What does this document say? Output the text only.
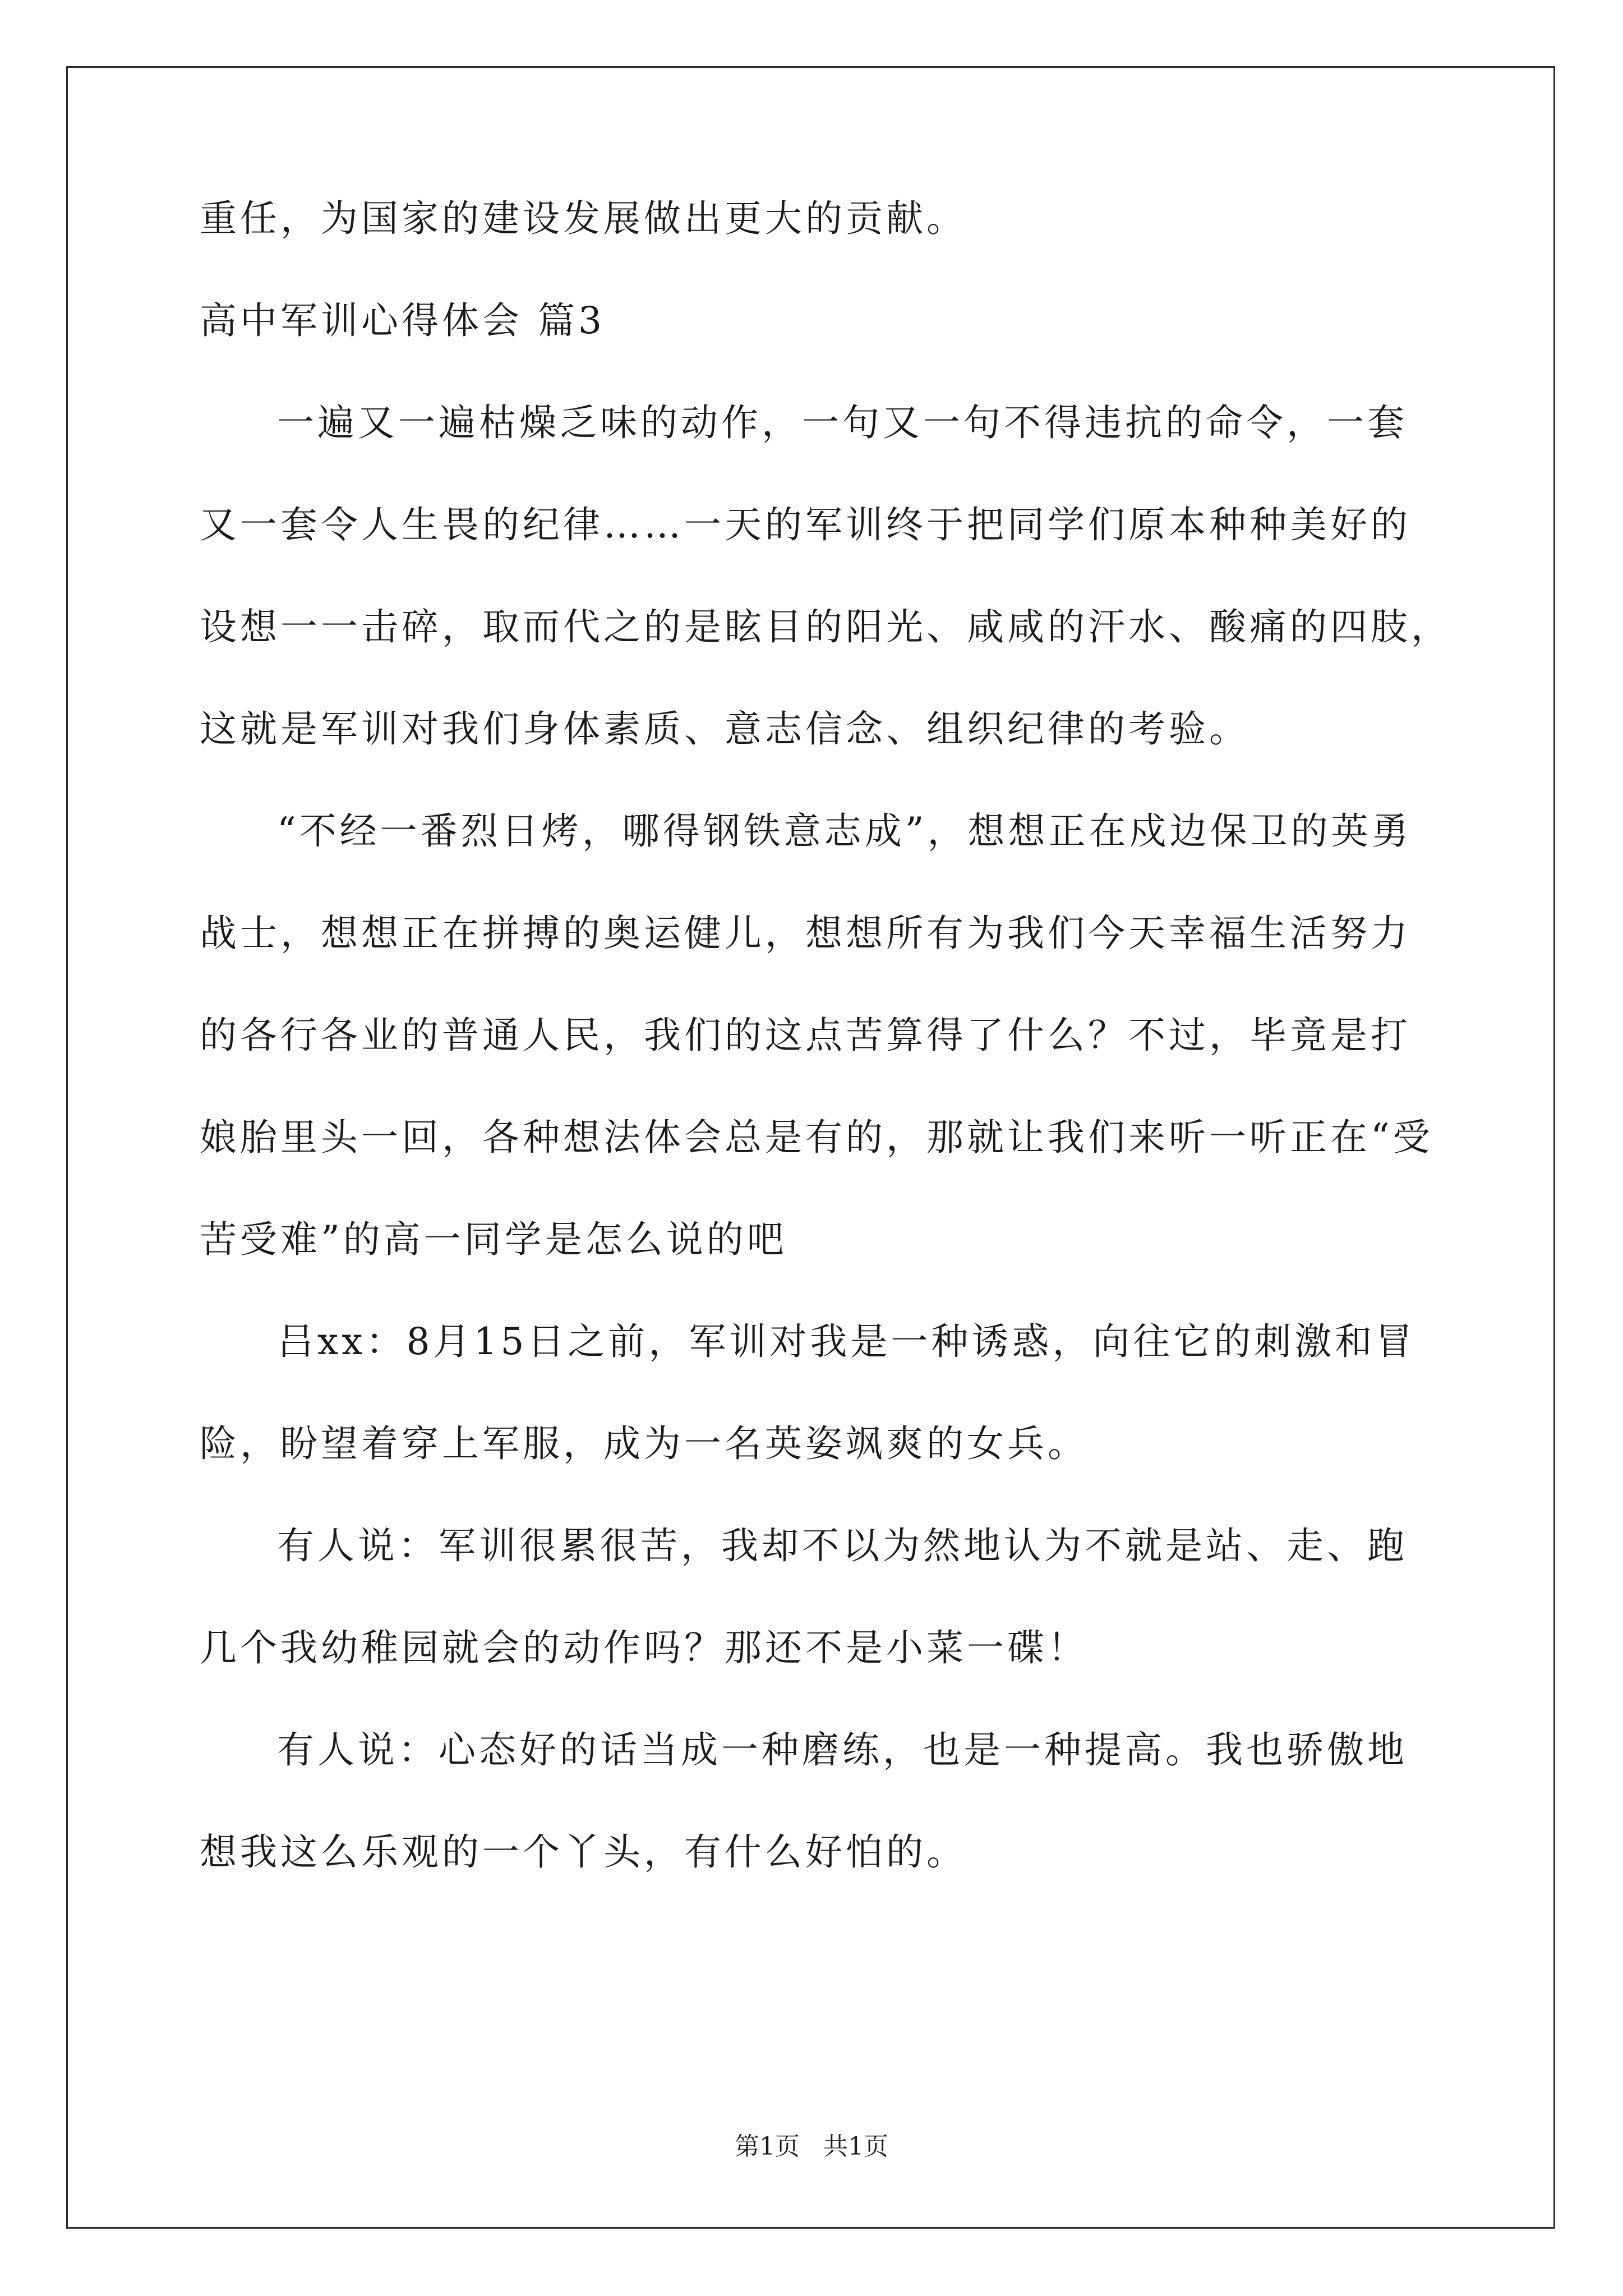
重任，为国家的建设发展做出更大的贡献。
高中军训心得体会 篇3
一遍又一遍枯燥乏味的动作，一句又一句不得违抗的命令，一套
又一套令人生畏的纪律……一天的军训终于把同学们原本种种美好的
设想一一击碎，取而代之的是眩目的阳光、咸咸的汗水、酸痛的四肢，
这就是军训对我们身体素质、意志信念、组织纪律的考验。
“不经一番烈日烤，哪得钢铁意志成”，想想正在戍边保卫的英勇
战士，想想正在拼搏的奥运健儿，想想所有为我们今天幸福生活努力
的各行各业的普通人民，我们的这点苦算得了什么？不过，毕竟是打
娘胎里头一回，各种想法体会总是有的，那就让我们来听一听正在“受
苦受难”的高一同学是怎么说的吧
吕xx：8月15日之前，军训对我是一种诱惑，向往它的刺激和冒
险，盼望着穿上军服，成为一名英姿飒爽的女兵。
有人说：军训很累很苦，我却不以为然地认为不就是站、走、跑
几个我幼稚园就会的动作吗？那还不是小菜一碟！
有人说：心态好的话当成一种磨练，也是一种提高。我也骄傲地
想我这么乐观的一个丫头，有什么好怕的。
第1页   共1页
